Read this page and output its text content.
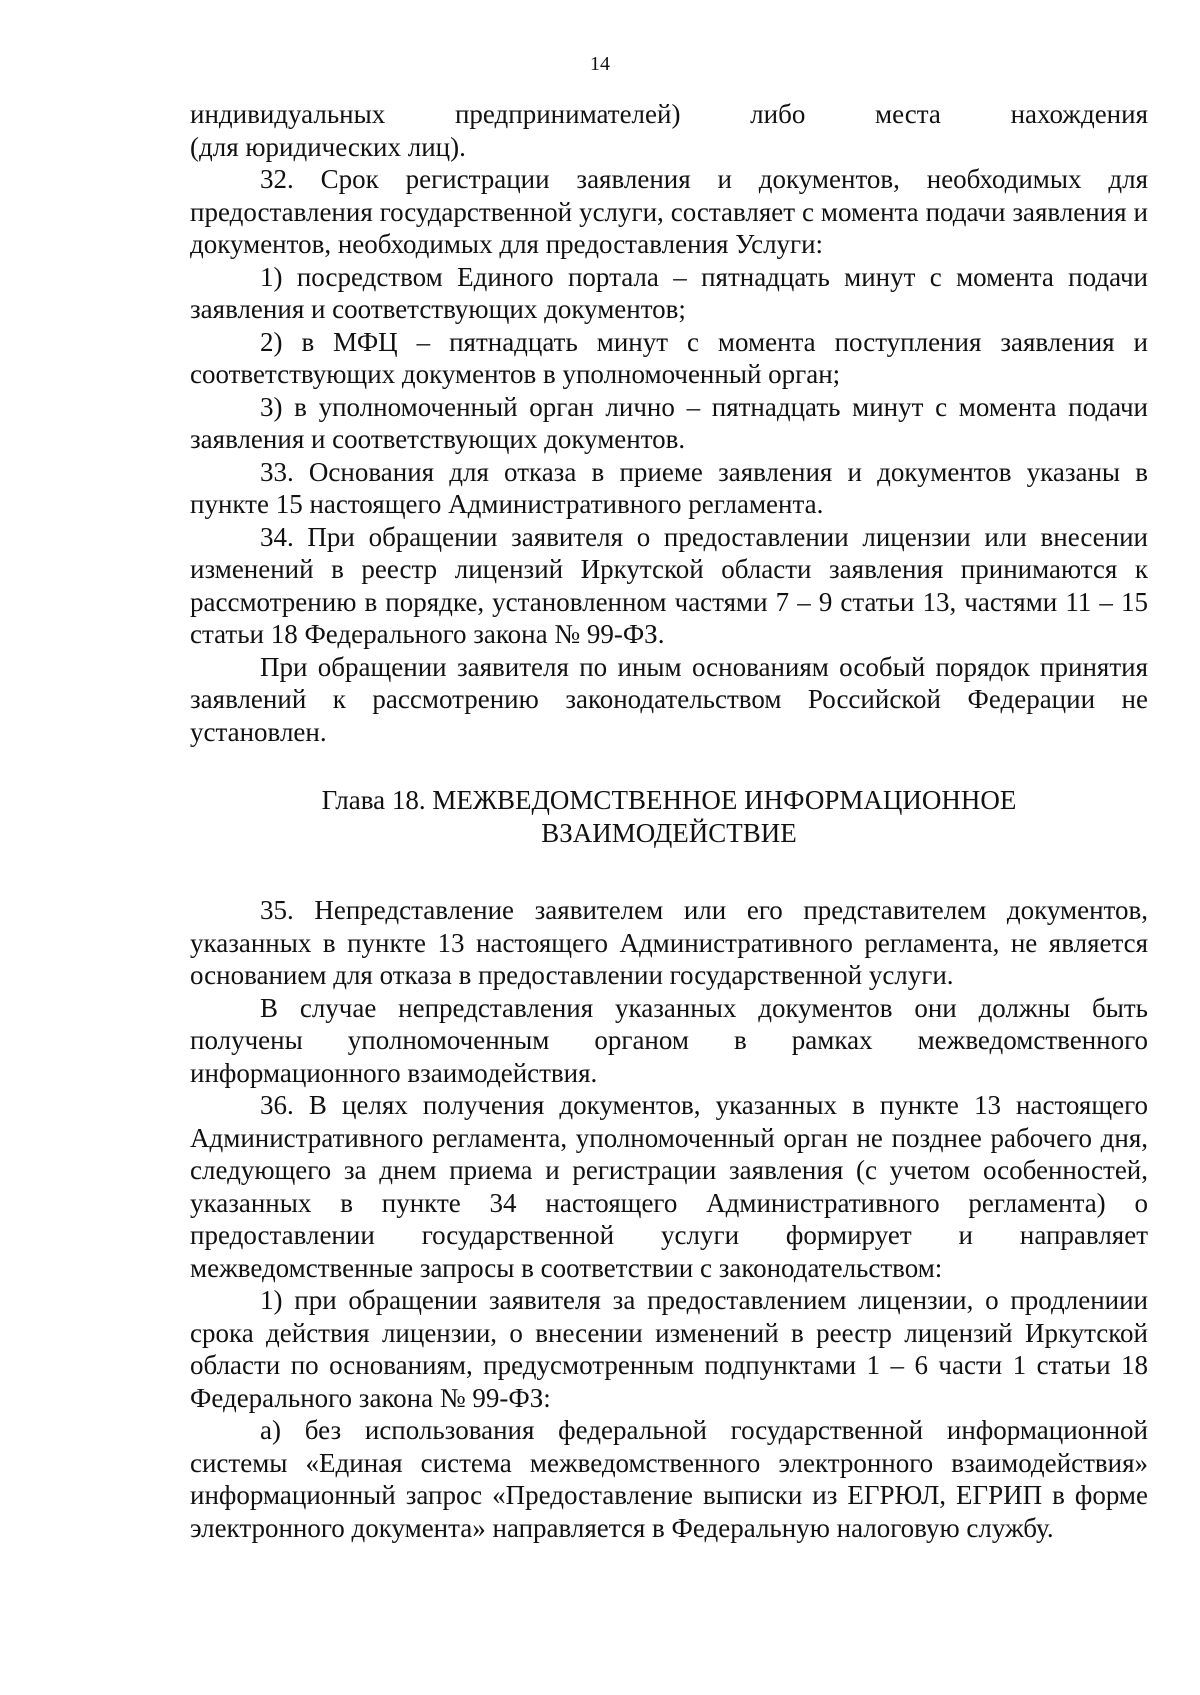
14

индивидуальных предпринимателей) либо места нахождения

(для юридических лиц).

32. Срок регистрации заявления и документов, необходимых для предоставления государственной услуги, составляет с момента подачи заявления и документов, необходимых для предоставления Услуги:

1) посредством Единого портала – пятнадцать минут с момента подачи заявления и соответствующих документов;

2) в МФЦ – пятнадцать минут с момента поступления заявления и соответствующих документов в уполномоченный орган;

3) в уполномоченный орган лично – пятнадцать минут с момента подачи заявления и соответствующих документов.

33. Основания для отказа в приеме заявления и документов указаны в пункте 15 настоящего Административного регламента.

34. При обращении заявителя о предоставлении лицензии или внесении изменений в реестр лицензий Иркутской области заявления принимаются к рассмотрению в порядке, установленном частями 7 – 9 статьи 13, частями 11 – 15 статьи 18 Федерального закона № 99-ФЗ.

При обращении заявителя по иным основаниям особый порядок принятия заявлений к рассмотрению законодательством Российской Федерации не установлен.

Глава 18. МЕЖВЕДОМСТВЕННОЕ ИНФОРМАЦИОННОЕ
ВЗАИМОДЕЙСТВИЕ

35. Непредставление заявителем или его представителем документов, указанных в пункте 13 настоящего Административного регламента, не является основанием для отказа в предоставлении государственной услуги.

В случае непредставления указанных документов они должны быть получены уполномоченным органом в рамках межведомственного информационного взаимодействия.

36. В целях получения документов, указанных в пункте 13 настоящего Административного регламента, уполномоченный орган не позднее рабочего дня, следующего за днем приема и регистрации заявления (с учетом особенностей, указанных в пункте 34 настоящего Административного регламента) о предоставлении государственной услуги формирует и направляет межведомственные запросы в соответствии с законодательством:

1) при обращении заявителя за предоставлением лицензии, о продлениии срока действия лицензии, о внесении изменений в реестр лицензий Иркутской области по основаниям, предусмотренным подпунктами 1 – 6 части 1 статьи 18 Федерального закона № 99-ФЗ:

а) без использования федеральной государственной информационной системы «Единая система межведомственного электронного взаимодействия» информационный запрос «Предоставление выписки из ЕГРЮЛ, ЕГРИП в форме электронного документа» направляется в Федеральную налоговую службу.
